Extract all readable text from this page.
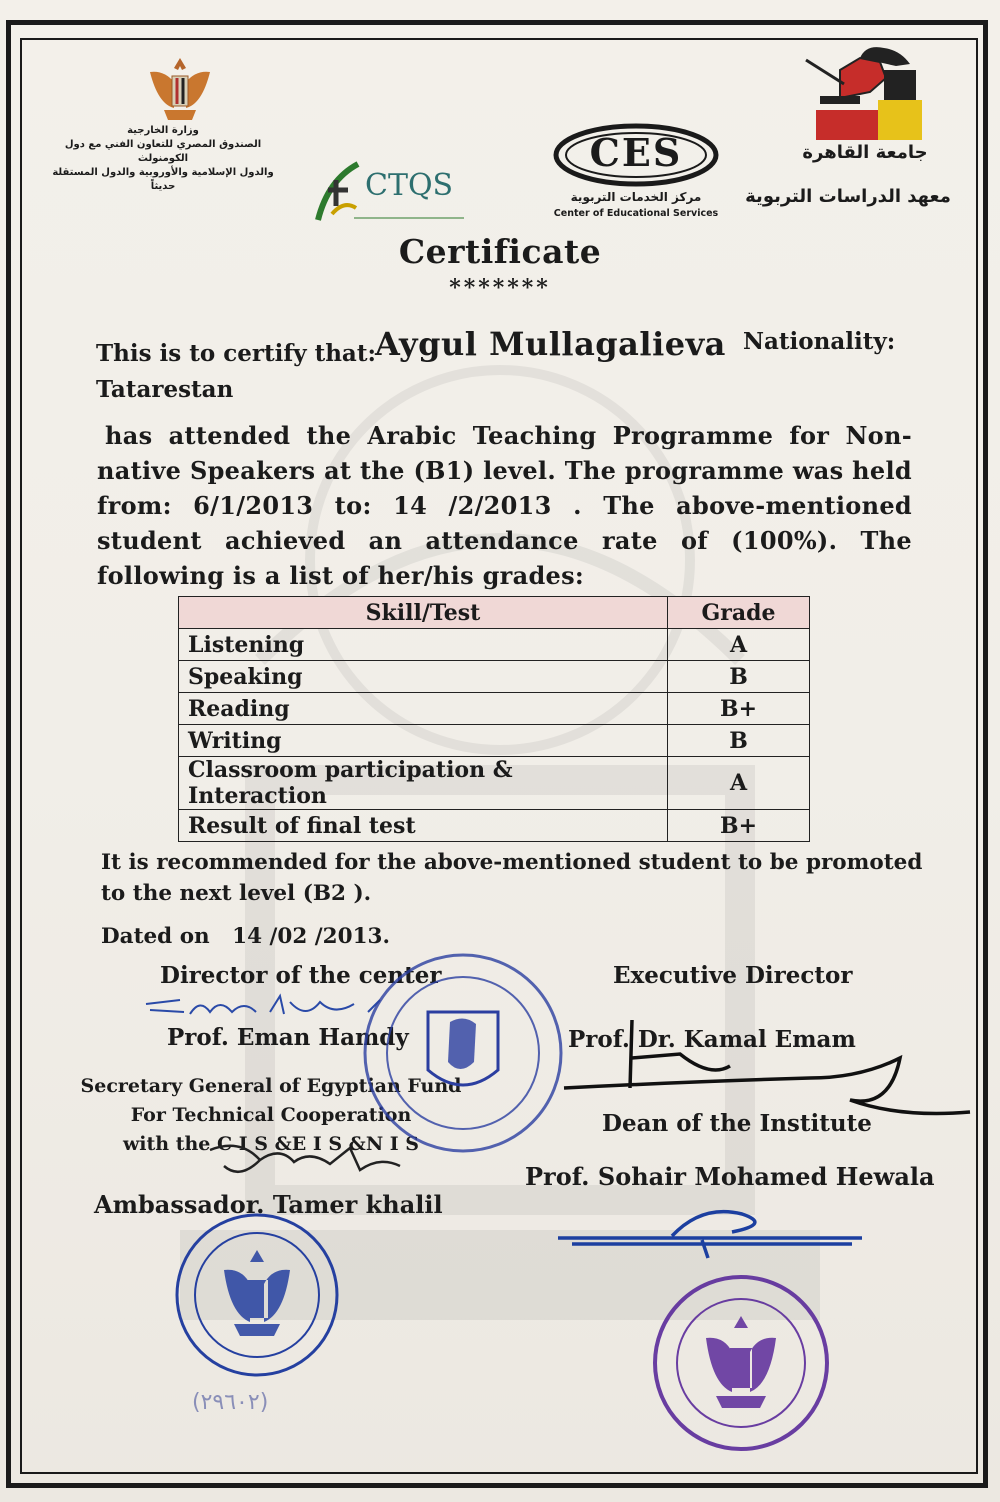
وزارة الخارجية
الصندوق المصري للتعاون الفني مع دول الكومنولث
والدول الإسلامية والأوروبية والدول المستقلة حديثاً	CTQS
CES
مركز الخدمات التربوية
Center of Educational Services
جامعة القاهرة
معهد الدراسات التربوية
Certificate
*******
This is to certify that: Aygul Mullagalieva Nationality:
Tatarestan
has attended the Arabic Teaching Programme for Non-native Speakers at the (B1) level. The programme was held from: 6/1/2013 to: 14 /2/2013 . The above-mentioned student achieved an attendance rate of (100%). The following is a list of her/his grades:
Skill/Test	Grade
Listening	A
Speaking	B
Reading	B+
Writing	B
Classroom participation & Interaction	A
Result of final test	B+
It is recommended for the above-mentioned student to be promoted
to the next level (B2 ).
Dated on   14 /02 /2013.
Director of the center	Executive Director
Prof. Eman Hamdy	Prof. Dr. Kamal Emam
Secretary General of Egyptian Fund
For Technical Cooperation
with the C I S &E I S &N I S
Dean of the Institute
Prof. Sohair Mohamed Hewala
Ambassador. Tamer khalil
(٢٩٦٠٢)
